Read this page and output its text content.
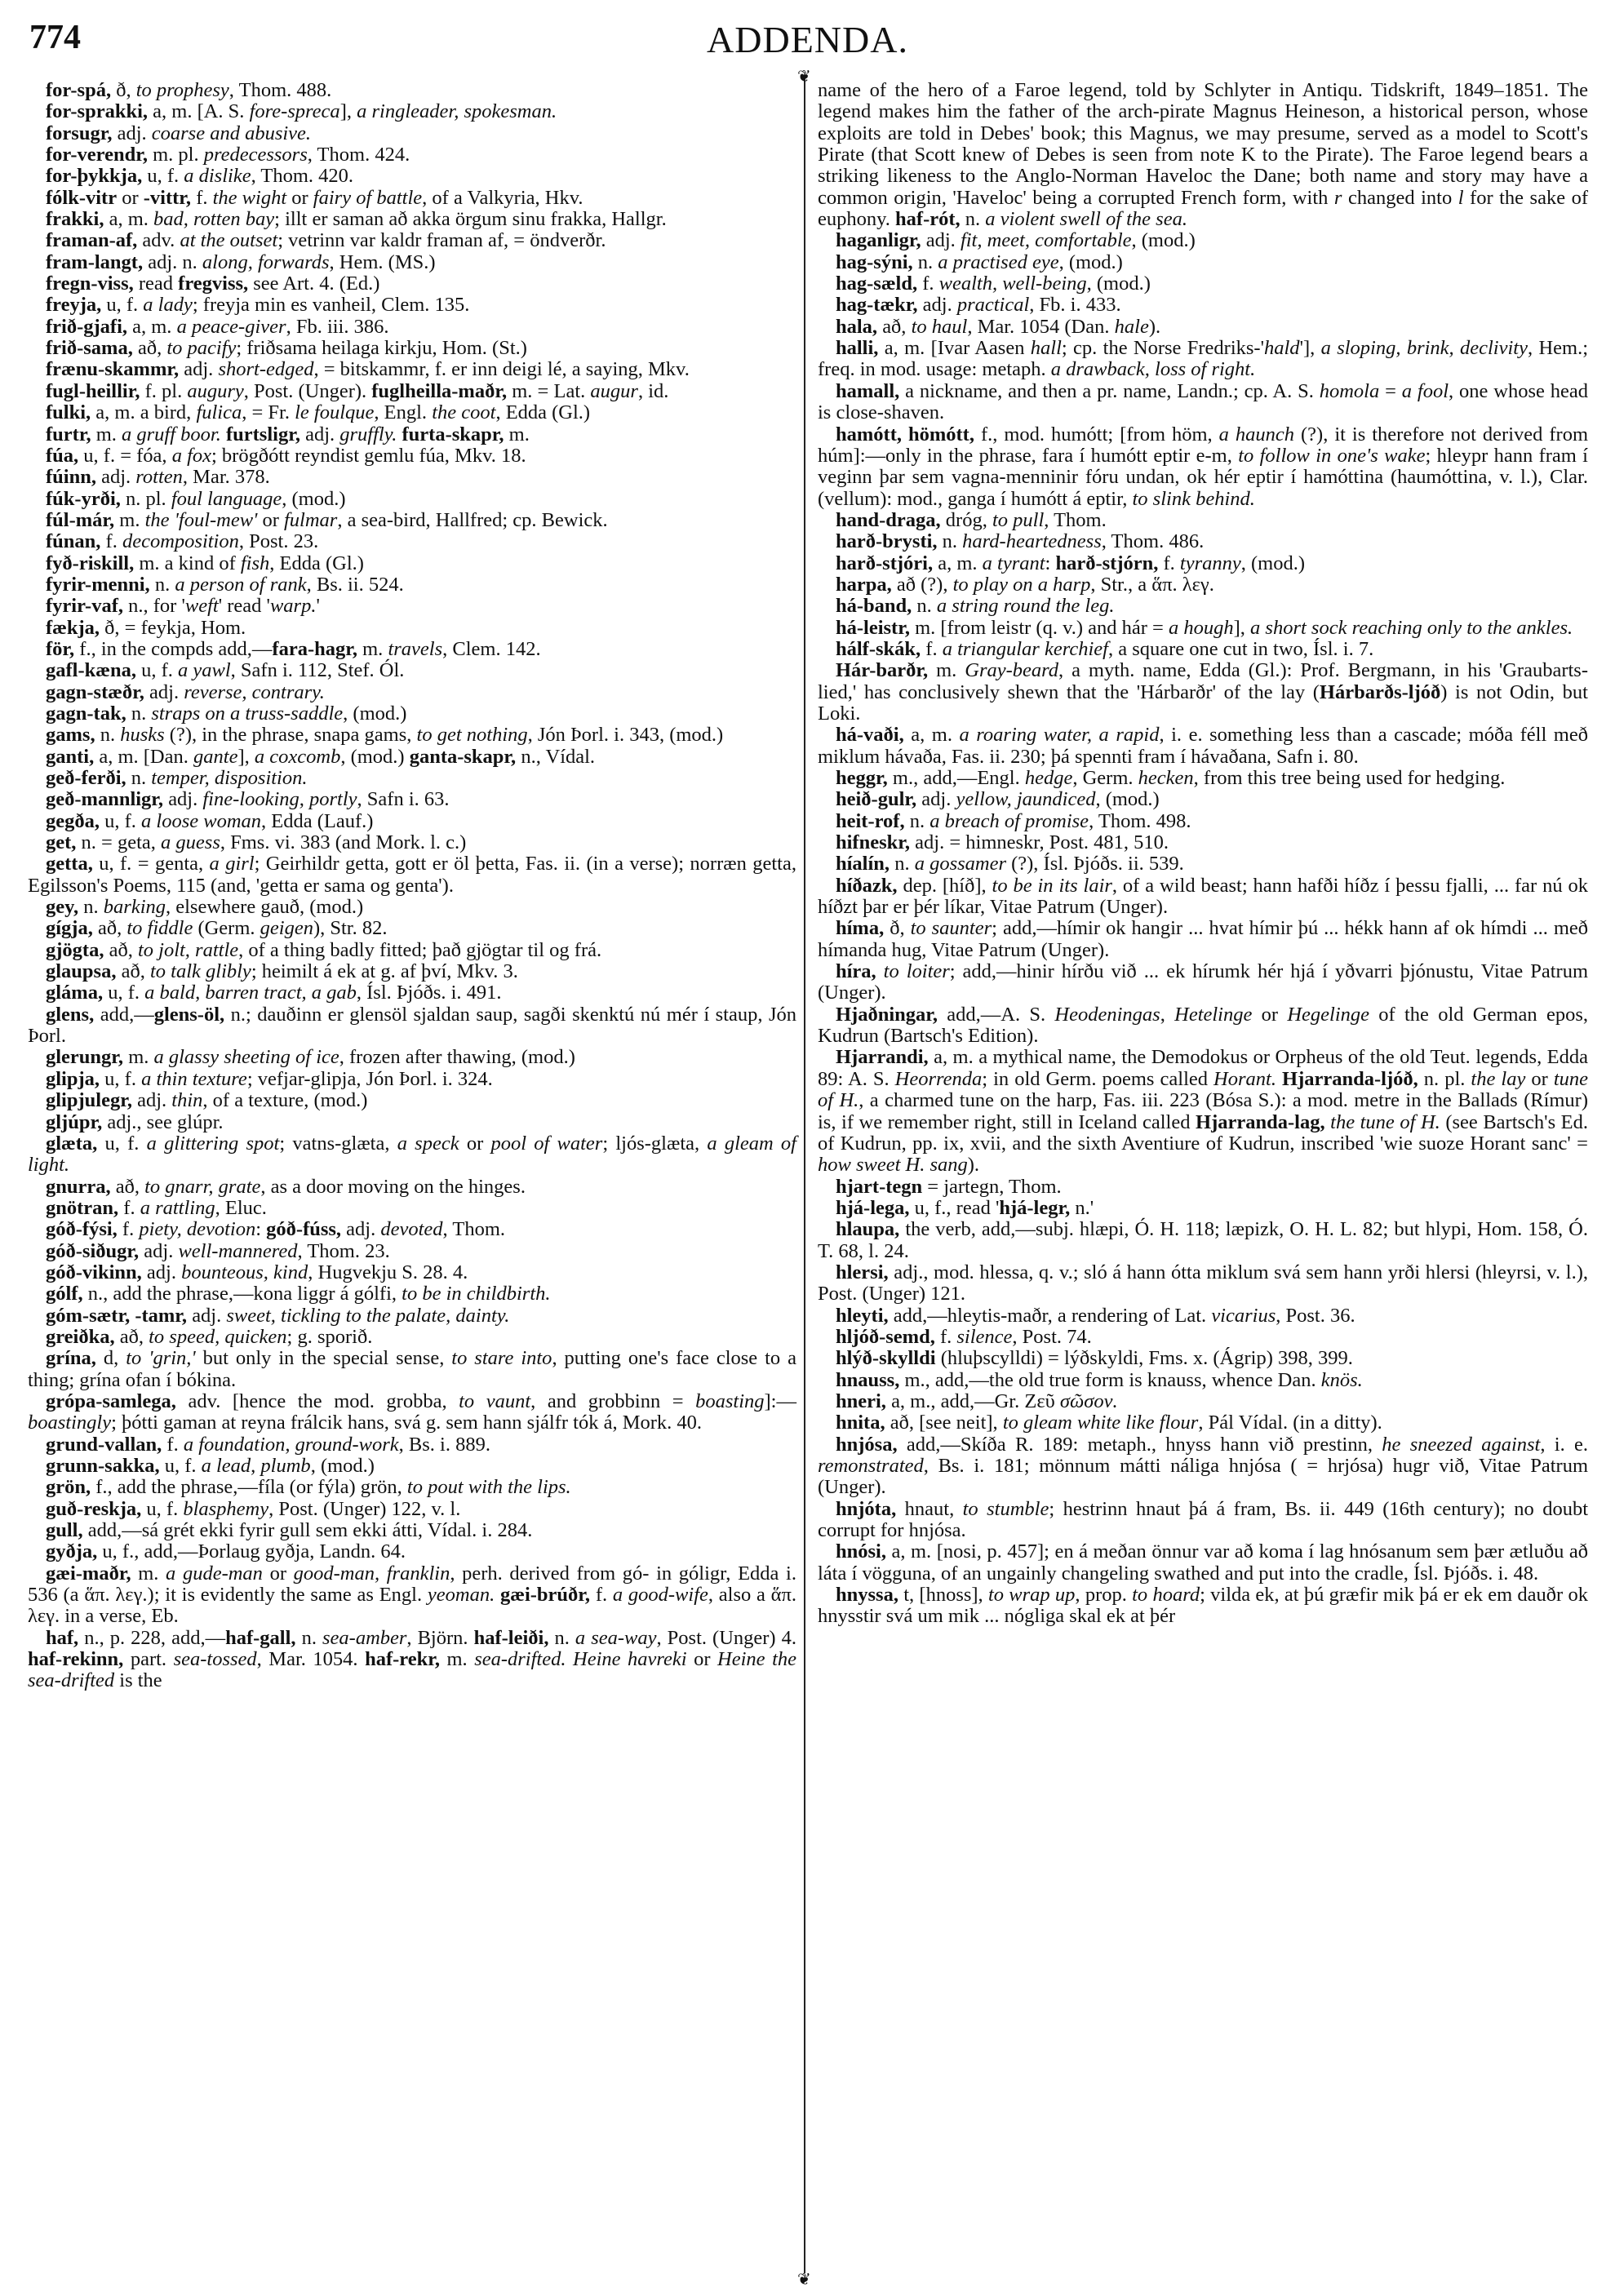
774	ADDENDA.
❦
❦

for-spá, ð, to prophesy, Thom. 488.

for-sprakki, a, m. [A. S. fore-spreca], a ringleader, spokesman.

forsugr, adj. coarse and abusive.

for-verendr, m. pl. predecessors, Thom. 424.

for-þykkja, u, f. a dislike, Thom. 420.

fólk-vitr or -vittr, f. the wight or fairy of battle, of a Valkyria, Hkv.

frakki, a, m. bad, rotten bay; illt er saman að akka örgum sinu frakka, Hallgr.

framan-af, adv. at the outset; vetrinn var kaldr framan af, = öndverðr.

fram-langt, adj. n. along, forwards, Hem. (MS.)

fregn-viss, read fregviss, see Art. 4. (Ed.)

freyja, u, f. a lady; freyja min es vanheil, Clem. 135.

frið-gjafi, a, m. a peace-giver, Fb. iii. 386.

frið-sama, að, to pacify; friðsama heilaga kirkju, Hom. (St.)

frænu-skammr, adj. short-edged, = bitskammr, f. er inn deigi lé, a saying, Mkv.

fugl-heillir, f. pl. augury, Post. (Unger). fuglheilla-maðr, m. = Lat. augur, id.

fulki, a, m. a bird, fulica, = Fr. le foulque, Engl. the coot, Edda (Gl.)

furtr, m. a gruff boor. furtsligr, adj. gruffly. furta-skapr, m.

fúa, u, f. = fóa, a fox; brögðótt reyndist gemlu fúa, Mkv. 18.

fúinn, adj. rotten, Mar. 378.

fúk-yrði, n. pl. foul language, (mod.)

fúl-már, m. the 'foul-mew' or fulmar, a sea-bird, Hallfred; cp. Bewick.

fúnan, f. decomposition, Post. 23.

fyð-riskill, m. a kind of fish, Edda (Gl.)

fyrir-menni, n. a person of rank, Bs. ii. 524.

fyrir-vaf, n., for 'weft' read 'warp.'

fækja, ð, = feykja, Hom.

för, f., in the compds add,—fara-hagr, m. travels, Clem. 142.

gafl-kæna, u, f. a yawl, Safn i. 112, Stef. Ól.

gagn-stæðr, adj. reverse, contrary.

gagn-tak, n. straps on a truss-saddle, (mod.)

gams, n. husks (?), in the phrase, snapa gams, to get nothing, Jón Þorl. i. 343, (mod.)

ganti, a, m. [Dan. gante], a coxcomb, (mod.) ganta-skapr, n., Vídal.

geð-ferði, n. temper, disposition.

geð-mannligr, adj. fine-looking, portly, Safn i. 63.

gegða, u, f. a loose woman, Edda (Lauf.)

get, n. = geta, a guess, Fms. vi. 383 (and Mork. l. c.)

getta, u, f. = genta, a girl; Geirhildr getta, gott er öl þetta, Fas. ii. (in a verse); norræn getta, Egilsson's Poems, 115 (and, 'getta er sama og genta').

gey, n. barking, elsewhere gauð, (mod.)

gígja, að, to fiddle (Germ. geigen), Str. 82.

gjögta, að, to jolt, rattle, of a thing badly fitted; það gjögtar til og frá.

glaupsa, að, to talk glibly; heimilt á ek at g. af því, Mkv. 3.

gláma, u, f. a bald, barren tract, a gab, Ísl. Þjóðs. i. 491.

glens, add,—glens-öl, n.; dauðinn er glensöl sjaldan saup, sagði skenktú nú mér í staup, Jón Þorl.

glerungr, m. a glassy sheeting of ice, frozen after thawing, (mod.)

glipja, u, f. a thin texture; vefjar-glipja, Jón Þorl. i. 324.

glipjulegr, adj. thin, of a texture, (mod.)

gljúpr, adj., see glúpr.

glæta, u, f. a glittering spot; vatns-glæta, a speck or pool of water; ljós-glæta, a gleam of light.

gnurra, að, to gnarr, grate, as a door moving on the hinges.

gnötran, f. a rattling, Eluc.

góð-fýsi, f. piety, devotion: góð-fúss, adj. devoted, Thom.

góð-siðugr, adj. well-mannered, Thom. 23.

góð-vikinn, adj. bounteous, kind, Hugvekju S. 28. 4.

gólf, n., add the phrase,—kona liggr á gólfi, to be in childbirth.

góm-sætr, -tamr, adj. sweet, tickling to the palate, dainty.

greiðka, að, to speed, quicken; g. sporið.

grína, d, to 'grin,' but only in the special sense, to stare into, putting one's face close to a thing; grína ofan í bókina.

grópa-samlega, adv. [hence the mod. grobba, to vaunt, and grobbinn = boasting]:—boastingly; þótti gaman at reyna frálcik hans, svá g. sem hann sjálfr tók á, Mork. 40.

grund-vallan, f. a foundation, ground-work, Bs. i. 889.

grunn-sakka, u, f. a lead, plumb, (mod.)

grön, f., add the phrase,—fíla (or fýla) grön, to pout with the lips.

guð-reskja, u, f. blasphemy, Post. (Unger) 122, v. l.

gull, add,—sá grét ekki fyrir gull sem ekki átti, Vídal. i. 284.

gyðja, u, f., add,—Þorlaug gyðja, Landn. 64.

gæi-maðr, m. a gude-man or good-man, franklin, perh. derived from gó- in góligr, Edda i. 536 (a ἅπ. λεγ.); it is evidently the same as Engl. yeoman. gæi-brúðr, f. a good-wife, also a ἅπ. λεγ. in a verse, Eb.

haf, n., p. 228, add,—haf-gall, n. sea-amber, Björn. haf-leiði, n. a sea-way, Post. (Unger) 4. haf-rekinn, part. sea-tossed, Mar. 1054. haf-rekr, m. sea-drifted. Heine havreki or Heine the sea-drifted is the

name of the hero of a Faroe legend, told by Schlyter in Antiqu. Tidskrift, 1849–1851. The legend makes him the father of the arch-pirate Magnus Heineson, a historical person, whose exploits are told in Debes' book; this Magnus, we may presume, served as a model to Scott's Pirate (that Scott knew of Debes is seen from note K to the Pirate). The Faroe legend bears a striking likeness to the Anglo-Norman Haveloc the Dane; both name and story may have a common origin, 'Haveloc' being a corrupted French form, with r changed into l for the sake of euphony. haf-rót, n. a violent swell of the sea.

haganligr, adj. fit, meet, comfortable, (mod.)

hag-sýni, n. a practised eye, (mod.)

hag-sæld, f. wealth, well-being, (mod.)

hag-tækr, adj. practical, Fb. i. 433.

hala, að, to haul, Mar. 1054 (Dan. hale).

halli, a, m. [Ivar Aasen hall; cp. the Norse Fredriks-'hald'], a sloping, brink, declivity, Hem.; freq. in mod. usage: metaph. a drawback, loss of right.

hamall, a nickname, and then a pr. name, Landn.; cp. A. S. homola = a fool, one whose head is close-shaven.

hamótt, hömótt, f., mod. humótt; [from höm, a haunch (?), it is therefore not derived from húm]:—only in the phrase, fara í humótt eptir e-m, to follow in one's wake; hleypr hann fram í veginn þar sem vagna-menninir fóru undan, ok hér eptir í hamóttina (haumóttina, v. l.), Clar. (vellum): mod., ganga í humótt á eptir, to slink behind.

hand-draga, dróg, to pull, Thom.

harð-brysti, n. hard-heartedness, Thom. 486.

harð-stjóri, a, m. a tyrant: harð-stjórn, f. tyranny, (mod.)

harpa, að (?), to play on a harp, Str., a ἅπ. λεγ.

há-band, n. a string round the leg.

há-leistr, m. [from leistr (q. v.) and hár = a hough], a short sock reaching only to the ankles.

hálf-skák, f. a triangular kerchief, a square one cut in two, Ísl. i. 7.

Hár-barðr, m. Gray-beard, a myth. name, Edda (Gl.): Prof. Bergmann, in his 'Graubarts-lied,' has conclusively shewn that the 'Hárbarðr' of the lay (Hárbarðs-ljóð) is not Odin, but Loki.

há-vaði, a, m. a roaring water, a rapid, i. e. something less than a cascade; móða féll með miklum hávaða, Fas. ii. 230; þá spennti fram í hávaðana, Safn i. 80.

heggr, m., add,—Engl. hedge, Germ. hecken, from this tree being used for hedging.

heið-gulr, adj. yellow, jaundiced, (mod.)

heit-rof, n. a breach of promise, Thom. 498.

hifneskr, adj. = himneskr, Post. 481, 510.

híalín, n. a gossamer (?), Ísl. Þjóðs. ii. 539.

híðazk, dep. [híð], to be in its lair, of a wild beast; hann hafði híðz í þessu fjalli, ... far nú ok híðzt þar er þér líkar, Vitae Patrum (Unger).

híma, ð, to saunter; add,—hímir ok hangir ... hvat hímir þú ... hékk hann af ok hímdi ... með hímanda hug, Vitae Patrum (Unger).

híra, to loiter; add,—hinir hírðu við ... ek hírumk hér hjá í yðvarri þjónustu, Vitae Patrum (Unger).

Hjaðningar, add,—A. S. Heodeningas, Hetelinge or Hegelinge of the old German epos, Kudrun (Bartsch's Edition).

Hjarrandi, a, m. a mythical name, the Demodokus or Orpheus of the old Teut. legends, Edda 89: A. S. Heorrenda; in old Germ. poems called Horant. Hjarranda-ljóð, n. pl. the lay or tune of H., a charmed tune on the harp, Fas. iii. 223 (Bósa S.): a mod. metre in the Ballads (Rímur) is, if we remember right, still in Iceland called Hjarranda-lag, the tune of H. (see Bartsch's Ed. of Kudrun, pp. ix, xvii, and the sixth Aventiure of Kudrun, inscribed 'wie suoze Horant sanc' = how sweet H. sang).

hjart-tegn = jartegn, Thom.

hjá-lega, u, f., read 'hjá-legr, n.'

hlaupa, the verb, add,—subj. hlæpi, Ó. H. 118; læpizk, O. H. L. 82; but hlypi, Hom. 158, Ó. T. 68, l. 24.

hlersi, adj., mod. hlessa, q. v.; sló á hann ótta miklum svá sem hann yrði hlersi (hleyrsi, v. l.), Post. (Unger) 121.

hleyti, add,—hleytis-maðr, a rendering of Lat. vicarius, Post. 36.

hljóð-semd, f. silence, Post. 74.

hlýð-skylldi (hluþscylldi) = lýðskyldi, Fms. x. (Ágrip) 398, 399.

hnauss, m., add,—the old true form is knauss, whence Dan. knös.

hneri, a, m., add,—Gr. Ζεῦ σῶσον.

hnita, að, [see neit], to gleam white like flour, Pál Vídal. (in a ditty).

hnjósa, add,—Skíða R. 189: metaph., hnyss hann við prestinn, he sneezed against, i. e. remonstrated, Bs. i. 181; mönnum mátti náliga hnjósa ( = hrjósa) hugr við, Vitae Patrum (Unger).

hnjóta, hnaut, to stumble; hestrinn hnaut þá á fram, Bs. ii. 449 (16th century); no doubt corrupt for hnjósa.

hnósi, a, m. [nosi, p. 457]; en á meðan önnur var að koma í lag hnósanum sem þær ætluðu að láta í vögguna, of an ungainly changeling swathed and put into the cradle, Ísl. Þjóðs. i. 48.

hnyssa, t, [hnoss], to wrap up, prop. to hoard; vilda ek, at þú græfir mik þá er ek em dauðr ok hnysstir svá um mik ... nógliga skal ek at þér
